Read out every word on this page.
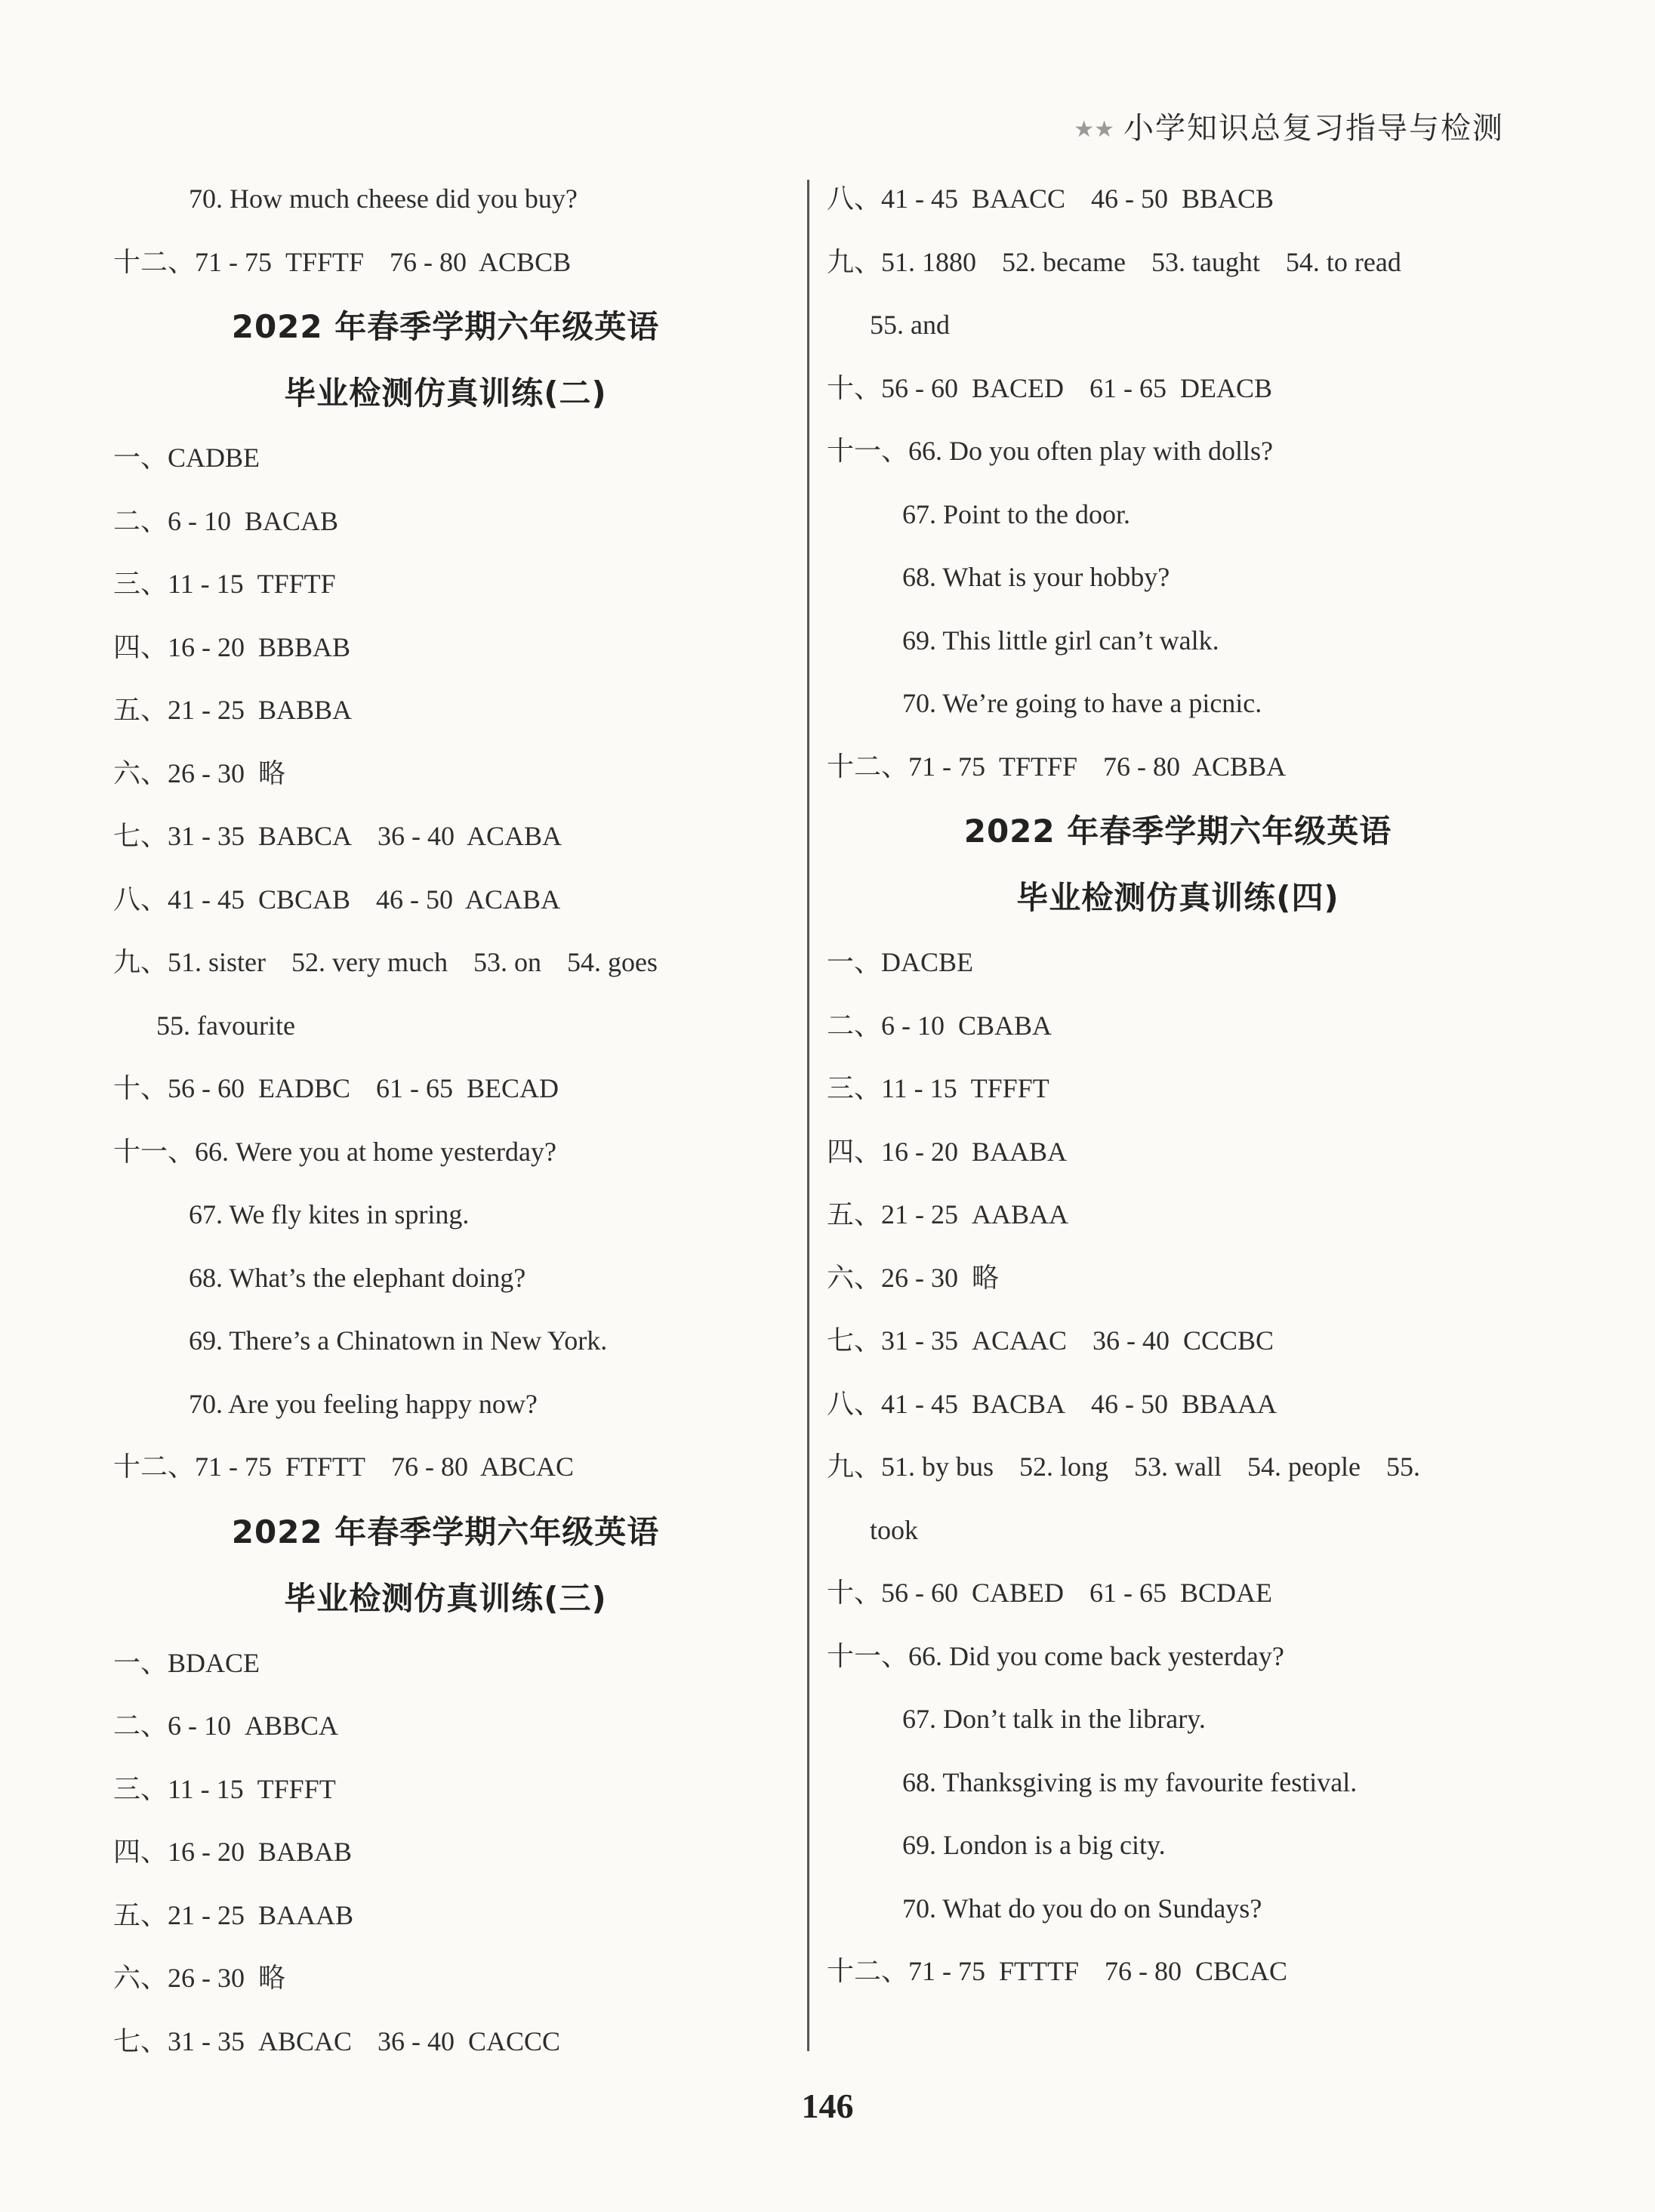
★★ 小学知识总复习指导与检测
70. How much cheese did you buy?
十二、71 - 75  TFFTF 76 - 80  ACBCB
2022 年春季学期六年级英语
毕业检测仿真训练(二)
一、CADBE
二、6 - 10  BACAB
三、11 - 15  TFFTF
四、16 - 20  BBBAB
五、21 - 25  BABBA
六、26 - 30  略
七、31 - 35  BABCA 36 - 40  ACABA
八、41 - 45  CBCAB 46 - 50  ACABA
九、51. sister 52. very much 53. on 54. goes
55. favourite
十、56 - 60  EADBC 61 - 65  BECAD
十一、66. Were you at home yesterday?
67. We fly kites in spring.
68. What’s the elephant doing?
69. There’s a Chinatown in New York.
70. Are you feeling happy now?
十二、71 - 75  FTFTT 76 - 80  ABCAC
2022 年春季学期六年级英语
毕业检测仿真训练(三)
一、BDACE
二、6 - 10  ABBCA
三、11 - 15  TFFFT
四、16 - 20  BABAB
五、21 - 25  BAAAB
六、26 - 30  略
七、31 - 35  ABCAC 36 - 40  CACCC
八、41 - 45  BAACC 46 - 50  BBACB
九、51. 1880 52. became 53. taught 54. to read
55. and
十、56 - 60  BACED 61 - 65  DEACB
十一、66. Do you often play with dolls?
67. Point to the door.
68. What is your hobby?
69. This little girl can’t walk.
70. We’re going to have a picnic.
十二、71 - 75  TFTFF 76 - 80  ACBBA
2022 年春季学期六年级英语
毕业检测仿真训练(四)
一、DACBE
二、6 - 10  CBABA
三、11 - 15  TFFFT
四、16 - 20  BAABA
五、21 - 25  AABAA
六、26 - 30  略
七、31 - 35  ACAAC 36 - 40  CCCBC
八、41 - 45  BACBA 46 - 50  BBAAA
九、51. by bus 52. long 53. wall 54. people 55.
took
十、56 - 60  CABED 61 - 65  BCDAE
十一、66. Did you come back yesterday?
67. Don’t talk in the library.
68. Thanksgiving is my favourite festival.
69. London is a big city.
70. What do you do on Sundays?
十二、71 - 75  FTTTF 76 - 80  CBCAC
146
